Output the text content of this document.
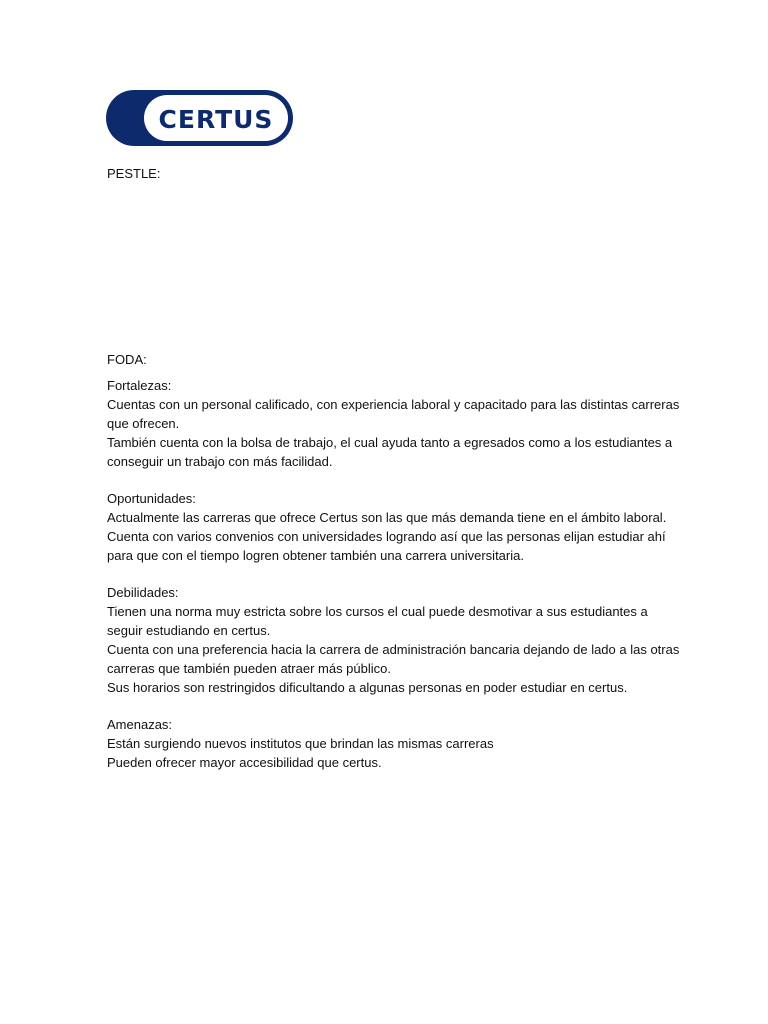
CERTUS
PESTLE:
FODA:
Fortalezas:
Cuentas con un personal calificado, con experiencia laboral y capacitado para las distintas carreras
que ofrecen.
También cuenta con la bolsa de trabajo, el cual ayuda tanto a egresados como a los estudiantes a
conseguir un trabajo con más facilidad.
Oportunidades:
Actualmente las carreras que ofrece Certus son las que más demanda tiene en el ámbito laboral.
Cuenta con varios convenios con universidades logrando así que las personas elijan estudiar ahí
para que con el tiempo logren obtener también una carrera universitaria.
Debilidades:
Tienen una norma muy estricta sobre los cursos el cual puede desmotivar a sus estudiantes a
seguir estudiando en certus.
Cuenta con una preferencia hacia la carrera de administración bancaria dejando de lado a las otras
carreras que también pueden atraer más público.
Sus horarios son restringidos dificultando a algunas personas en poder estudiar en certus.
Amenazas:
Están surgiendo nuevos institutos que brindan las mismas carreras
Pueden ofrecer mayor accesibilidad que certus.
